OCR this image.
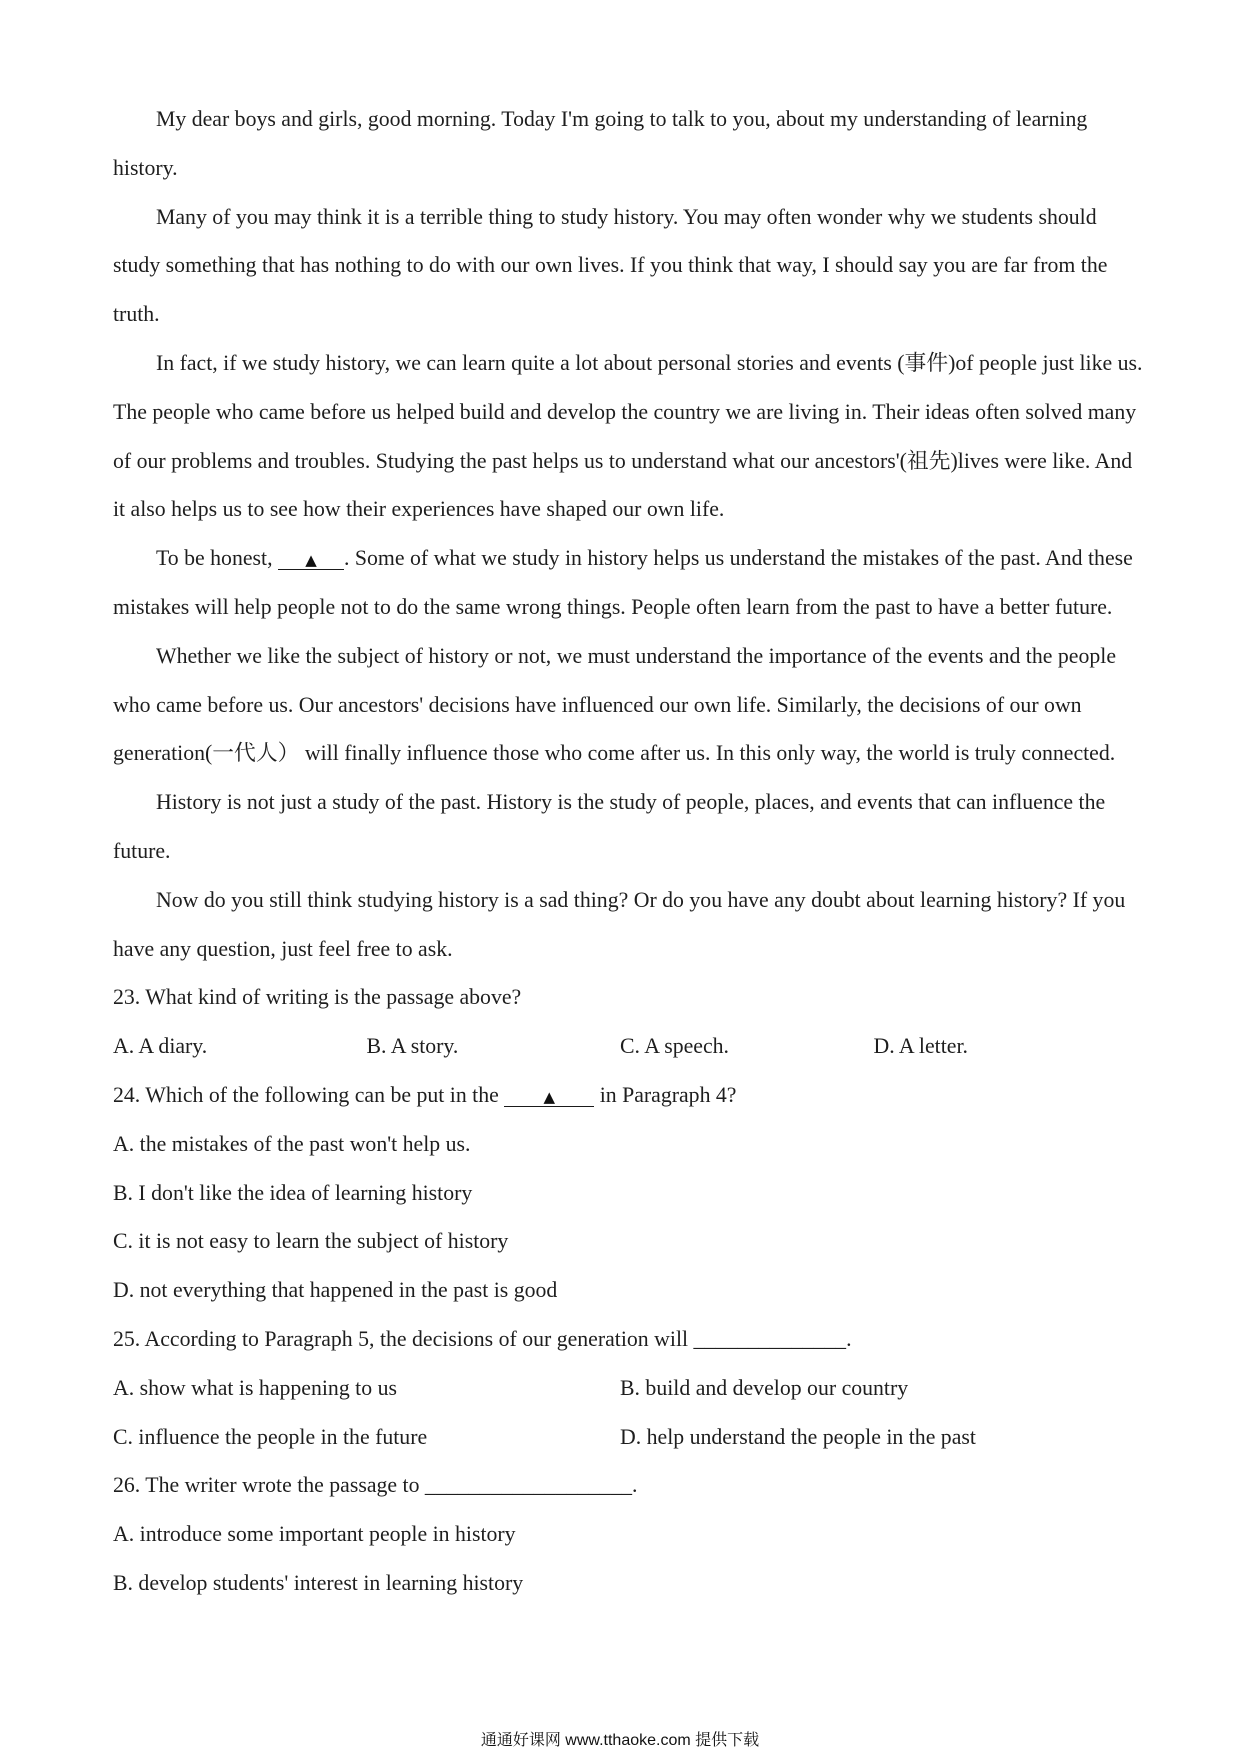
My dear boys and girls, good morning. Today I'm going to talk to you, about my understanding of learning
history.
Many of you may think it is a terrible thing to study history. You may often wonder why we students should
study something that has nothing to do with our own lives. If you think that way, I should say you are far from the
truth.
In fact, if we study history, we can learn quite a lot about personal stories and events (事件)of people just like us.
The people who came before us helped build and develop the country we are living in. Their ideas often solved many
of our problems and troubles. Studying the past helps us to understand what our ancestors'(祖先)lives were like. And
it also helps us to see how their experiences have shaped our own life.
To be honest, ▲ . Some of what we study in history helps us understand the mistakes of the past. And these
mistakes will help people not to do the same wrong things. People often learn from the past to have a better future.
Whether we like the subject of history or not, we must understand the importance of the events and the people
who came before us. Our ancestors' decisions have influenced our own life. Similarly, the decisions of our own
generation(一代人） will finally influence those who come after us. In this only way, the world is truly connected.
History is not just a study of the past. History is the study of people, places, and events that can influence the
future.
Now do you still think studying history is a sad thing? Or do you have any doubt about learning history? If you
have any question, just feel free to ask.
23. What kind of writing is the passage above?
A. A diary.	B. A story.	C. A speech.	D. A letter.
24. Which of the following can be put in the	▲ in Paragraph 4?
A. the mistakes of the past won't help us.
B. I don't like the idea of learning history
C. it is not easy to learn the subject of history
D. not everything that happened in the past is good
25. According to Paragraph 5, the decisions of our generation will ______________.
A. show what is happening to us	B. build and develop our country
C. influence the people in the future	D. help understand the people in the past
26. The writer wrote the passage to ___________________.
A. introduce some important people in history
B. develop students' interest in learning history
通通好课网 www.tthaoke.com 提供下载
